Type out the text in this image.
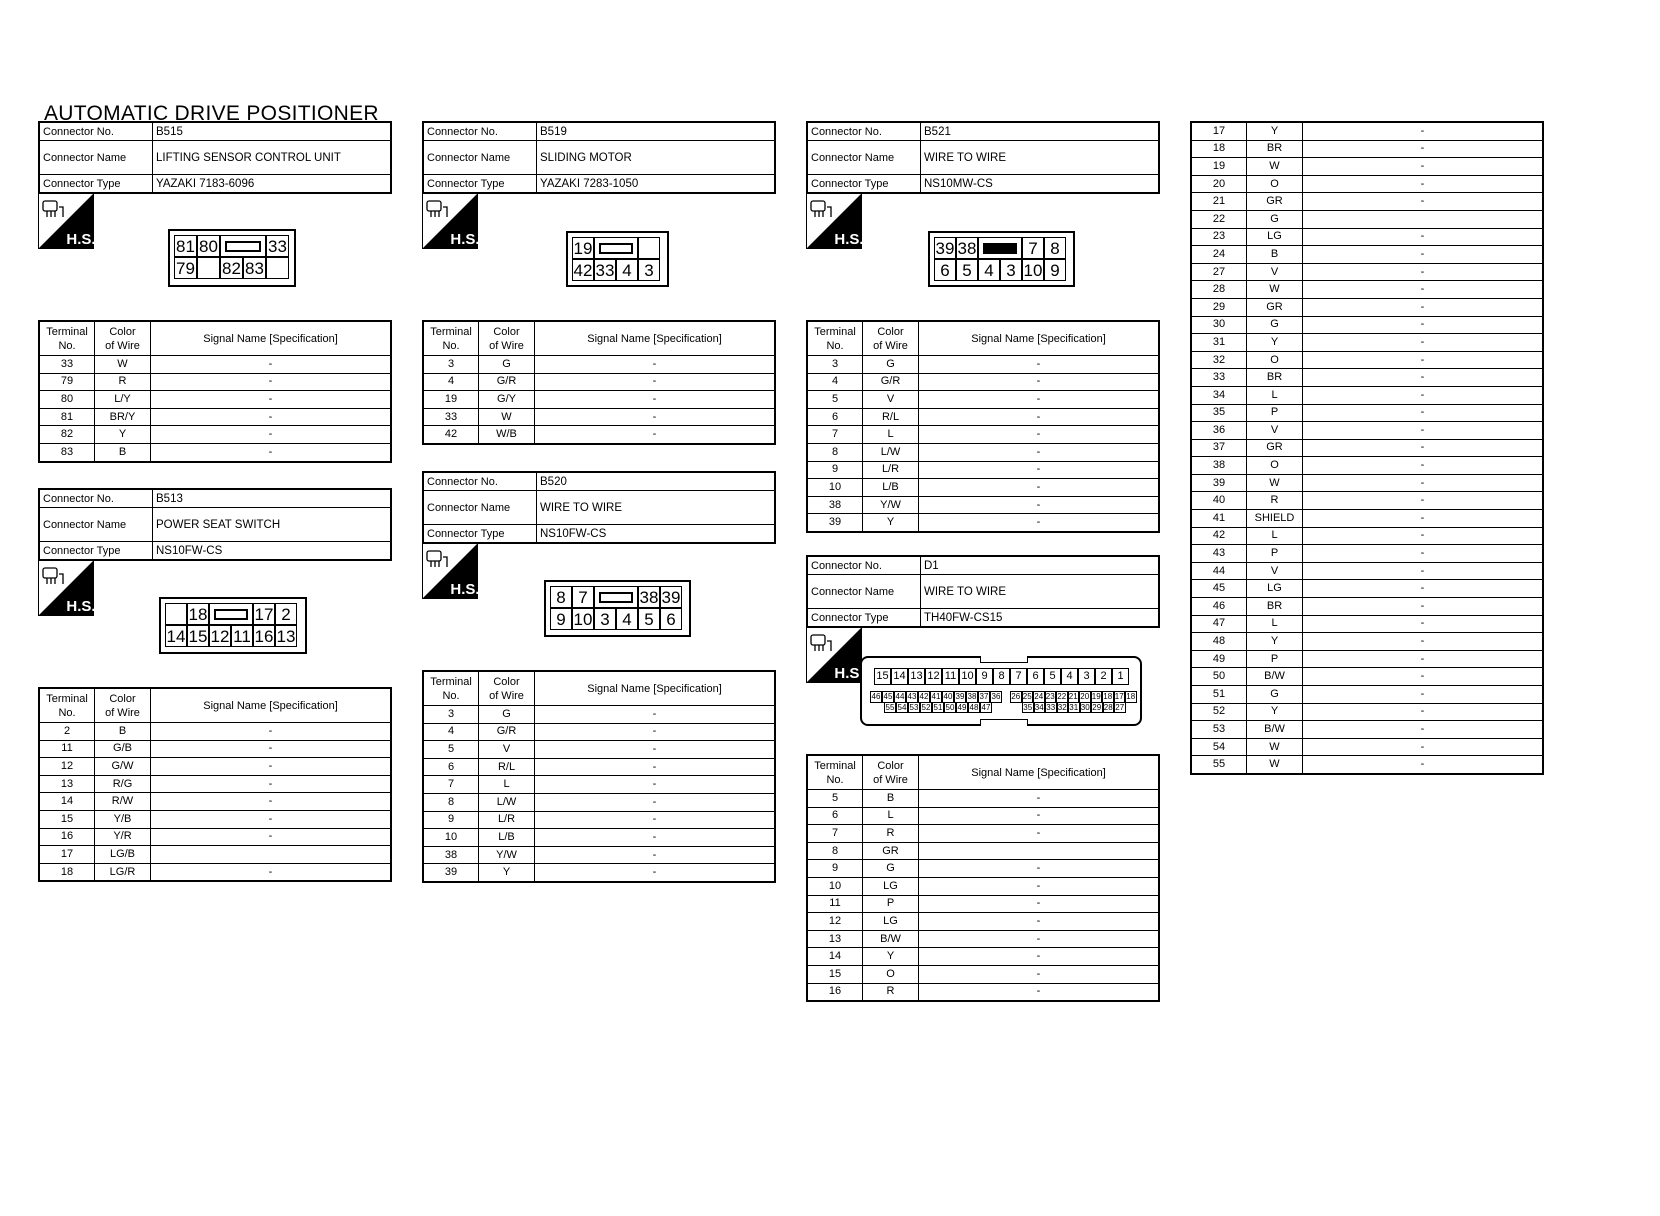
AUTOMATIC DRIVE POSITIONER
Connector No.	B515
Connector Name	LIFTING SENSOR CONTROL UNIT
Connector Type	YAZAKI 7183-6096
Connector No.	B513
Connector Name	POWER SEAT SWITCH
Connector Type	NS10FW-CS
Connector No.	B519
Connector Name	SLIDING MOTOR
Connector Type	YAZAKI 7283-1050
Connector No.	B520
Connector Name	WIRE TO WIRE
Connector Type	NS10FW-CS
Connector No.	B521
Connector Name	WIRE TO WIRE
Connector Type	NS10MW-CS
Connector No.	D1
Connector Name	WIRE TO WIRE
Connector Type	TH40FW-CS15
H.S.
H.S.
H.S.
H.S.
H.S.
H.S.
81 80	33
79 82 83
18	17 2
14 15 12 11 16 13
19
42 33 4 3
8 7	38 39
9 10 3 4 5 6
39 38	7 8
6 5 4 3 10 9
15 14 13 12 11 10 9 8 7 6 5 4 3 2 1
46 45 44 43 42 41 40 39 38 37 36 26 25 24 23 22 21 20 19 18 17 18
55 54 53 52 51 50 49 48 47	35 34 33 32 31 30 29 28 27
Terminal
No.	Color
of Wire	Signal Name [Specification]
33	W	-
79	R	-
80	L/Y	-
81	BR/Y	-
82	Y	-
83	B	-
Terminal
No.	Color
of Wire	Signal Name [Specification]
2	B	-
11	G/B	-
12	G/W	-
13	R/G	-
14	R/W	-
15	Y/B	-
16	Y/R	-
17	LG/B	
18	LG/R	-
Terminal
No.	Color
of Wire	Signal Name [Specification]
3	G	-
4	G/R	-
19	G/Y	-
33	W	-
42	W/B	-
Terminal
No.	Color
of Wire	Signal Name [Specification]
3	G	-
4	G/R	-
5	V	-
6	R/L	-
7	L	-
8	L/W	-
9	L/R	-
10	L/B	-
38	Y/W	-
39	Y	-
Terminal
No.	Color
of Wire	Signal Name [Specification]
3	G	-
4	G/R	-
5	V	-
6	R/L	-
7	L	-
8	L/W	-
9	L/R	-
10	L/B	-
38	Y/W	-
39	Y	-
Terminal
No.	Color
of Wire	Signal Name [Specification]
5	B	-
6	L	-
7	R	-
8	GR	
9	G	-
10	LG	-
11	P	-
12	LG	-
13	B/W	-
14	Y	-
15	O	-
16	R	-
17	Y	-
18	BR	-
19	W	-
20	O	-
21	GR	-
22	G	
23	LG	-
24	B	-
27	V	-
28	W	-
29	GR	-
30	G	-
31	Y	-
32	O	-
33	BR	-
34	L	-
35	P	-
36	V	-
37	GR	-
38	O	-
39	W	-
40	R	-
41	SHIELD	-
42	L	-
43	P	-
44	V	-
45	LG	-
46	BR	-
47	L	-
48	Y	-
49	P	-
50	B/W	-
51	G	-
52	Y	-
53	B/W	-
54	W	-
55	W	-
